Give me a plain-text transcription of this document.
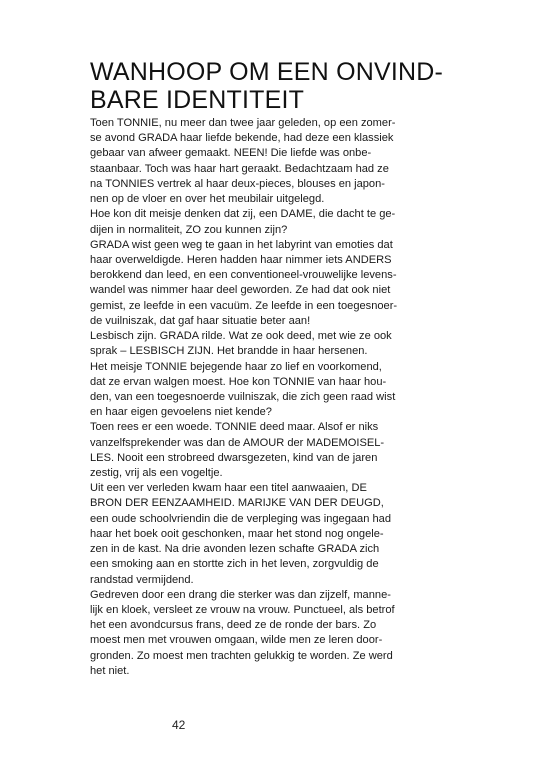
WANHOOP OM EEN ONVIND-
BARE IDENTITEIT
Toen TONNIE, nu meer dan twee jaar geleden, op een zomer-
se avond GRADA haar liefde bekende, had deze een klassiek
gebaar van afweer gemaakt. NEEN! Die liefde was onbe-
staanbaar. Toch was haar hart geraakt. Bedachtzaam had ze
na TONNIES vertrek al haar deux-pieces, blouses en japon-
nen op de vloer en over het meubilair uitgelegd.
Hoe kon dit meisje denken dat zij, een DAME, die dacht te ge-
dijen in normaliteit, ZO zou kunnen zijn?
GRADA wist geen weg te gaan in het labyrint van emoties dat
haar overweldigde. Heren hadden haar nimmer iets ANDERS
berokkend dan leed, en een conventioneel-vrouwelijke levens-
wandel was nimmer haar deel geworden. Ze had dat ook niet
gemist, ze leefde in een vacuüm. Ze leefde in een toegesnoer-
de vuilniszak, dat gaf haar situatie beter aan!
Lesbisch zijn. GRADA rilde. Wat ze ook deed, met wie ze ook
sprak – LESBISCH ZIJN. Het brandde in haar hersenen.
Het meisje TONNIE bejegende haar zo lief en voorkomend,
dat ze ervan walgen moest. Hoe kon TONNIE van haar hou-
den, van een toegesnoerde vuilniszak, die zich geen raad wist
en haar eigen gevoelens niet kende?
Toen rees er een woede. TONNIE deed maar. Alsof er niks
vanzelfsprekender was dan de AMOUR der MADEMOISEL-
LES. Nooit een strobreed dwarsgezeten, kind van de jaren
zestig, vrij als een vogeltje.
Uit een ver verleden kwam haar een titel aanwaaien, DE
BRON DER EENZAAMHEID. MARIJKE VAN DER DEUGD,
een oude schoolvriendin die de verpleging was ingegaan had
haar het boek ooit geschonken, maar het stond nog ongele-
zen in de kast. Na drie avonden lezen schafte GRADA zich
een smoking aan en stortte zich in het leven, zorgvuldig de
randstad vermijdend.
Gedreven door een drang die sterker was dan zijzelf, manne-
lijk en kloek, versleet ze vrouw na vrouw. Punctueel, als betrof
het een avondcursus frans, deed ze de ronde der bars. Zo
moest men met vrouwen omgaan, wilde men ze leren door-
gronden. Zo moest men trachten gelukkig te worden. Ze werd
het niet.
42
